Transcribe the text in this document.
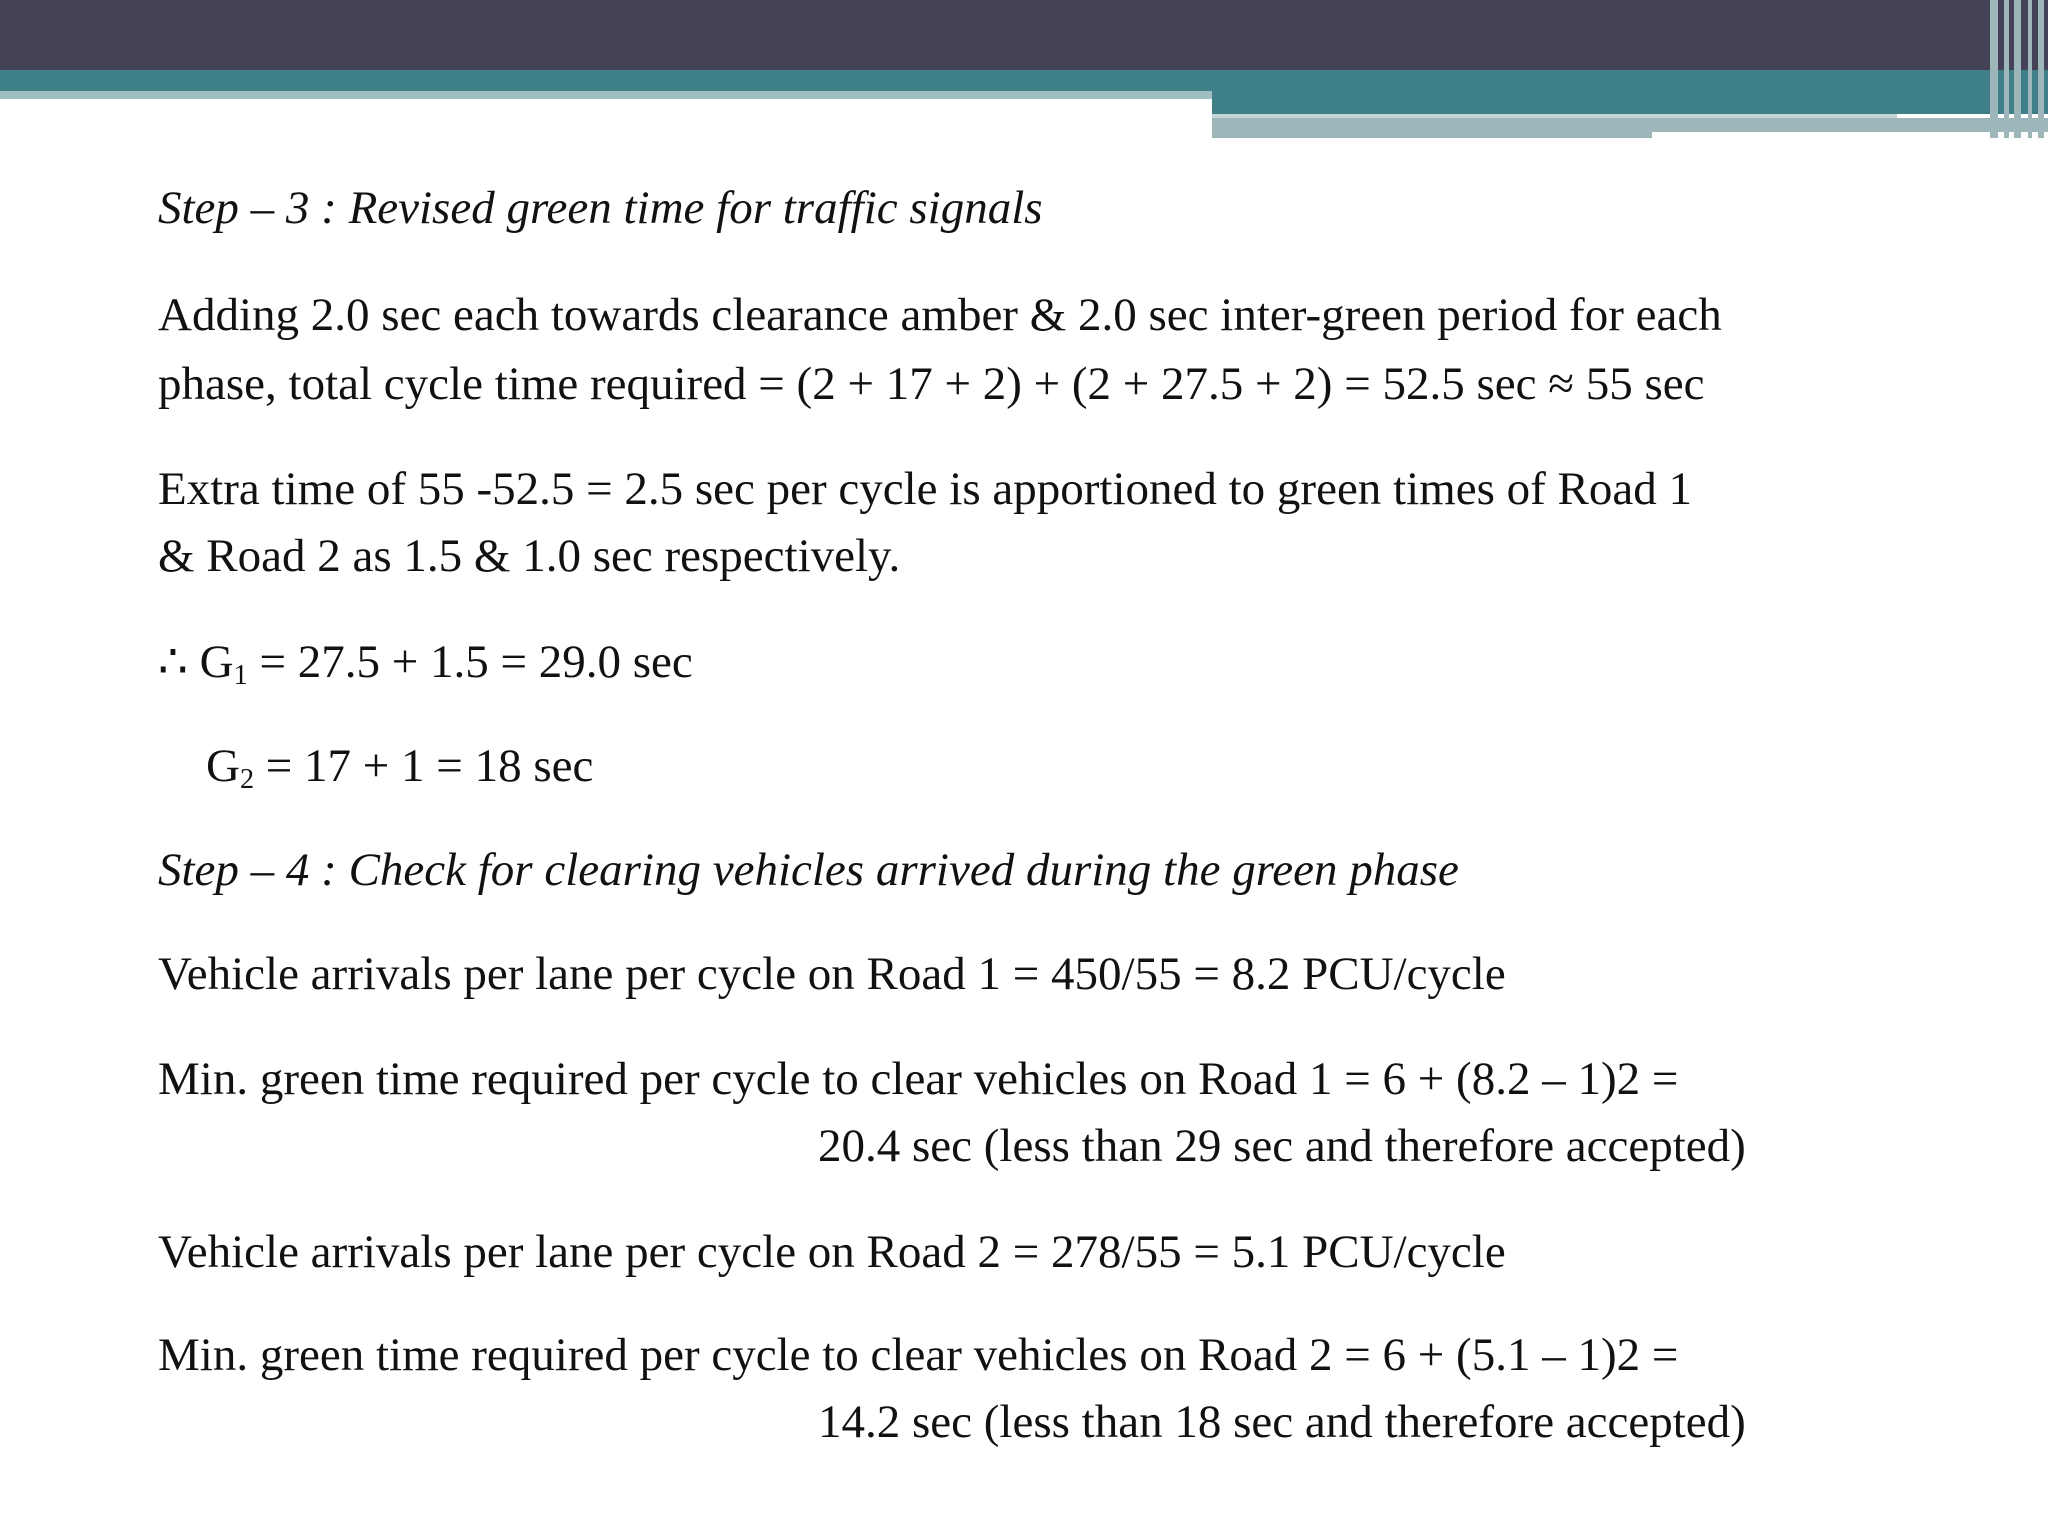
Step – 3 : Revised green time for traffic signals
Adding 2.0 sec each towards clearance amber & 2.0 sec inter-green period for each
phase, total cycle time required = (2 + 17 + 2) + (2 + 27.5 + 2) = 52.5 sec ≈ 55 sec
Extra time of 55 -52.5 = 2.5 sec per cycle is apportioned to green times of Road 1
& Road 2 as 1.5 & 1.0 sec respectively.
∴ $G_1 = 27.5 + 1.5 = 29.0$ sec
$G_2 = 17 + 1 = 18$ sec
Step – 4 : Check for clearing vehicles arrived during the green phase
Vehicle arrivals per lane per cycle on Road 1 = 450/55 = 8.2 PCU/cycle
Min. green time required per cycle to clear vehicles on Road 1 = 6 + (8.2 – 1)2 =
20.4 sec (less than 29 sec and therefore accepted)
Vehicle arrivals per lane per cycle on Road 2 = 278/55 = 5.1 PCU/cycle
Min. green time required per cycle to clear vehicles on Road 2 = 6 + (5.1 – 1)2 =
14.2 sec (less than 18 sec and therefore accepted)
